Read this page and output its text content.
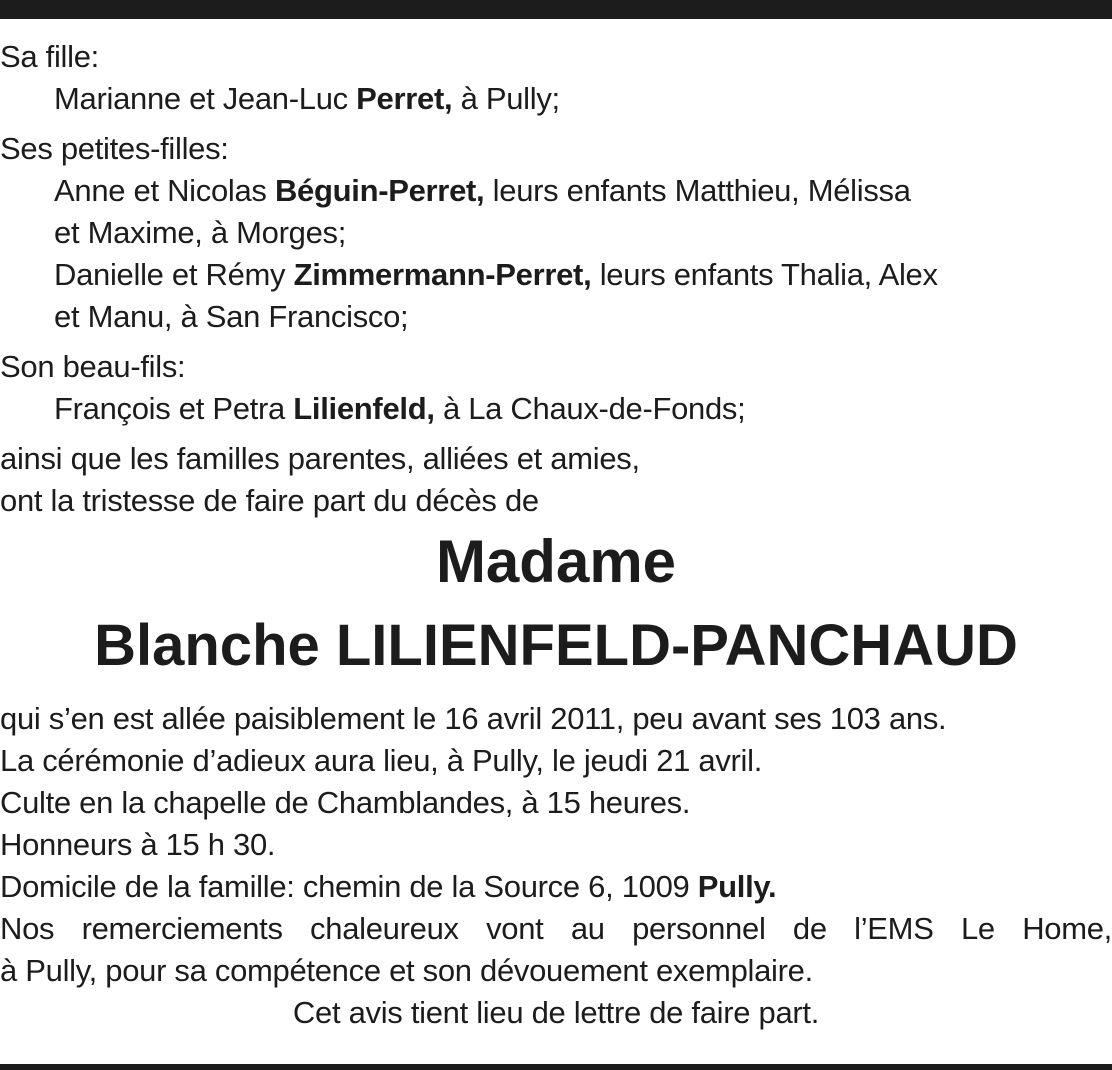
Sa fille:

Marianne et Jean-Luc Perret, à Pully;

Ses petites-filles:

Anne et Nicolas Béguin-Perret, leurs enfants Matthieu, Mélissa

et Maxime, à Morges;

Danielle et Rémy Zimmermann-Perret, leurs enfants Thalia, Alex

et Manu, à San Francisco;

Son beau-fils:

François et Petra Lilienfeld, à La Chaux-de-Fonds;

ainsi que les familles parentes, alliées et amies,

ont la tristesse de faire part du décès de

Madame

Blanche LILIENFELD-PANCHAUD

qui s’en est allée paisiblement le 16 avril 2011, peu avant ses 103 ans.

La cérémonie d’adieux aura lieu, à Pully, le jeudi 21 avril.

Culte en la chapelle de Chamblandes, à 15 heures.

Honneurs à 15 h 30.

Domicile de la famille: chemin de la Source 6, 1009 Pully.

Nos remerciements chaleureux vont au personnel de l’EMS Le Home,

à Pully, pour sa compétence et son dévouement exemplaire.

Cet avis tient lieu de lettre de faire part.
